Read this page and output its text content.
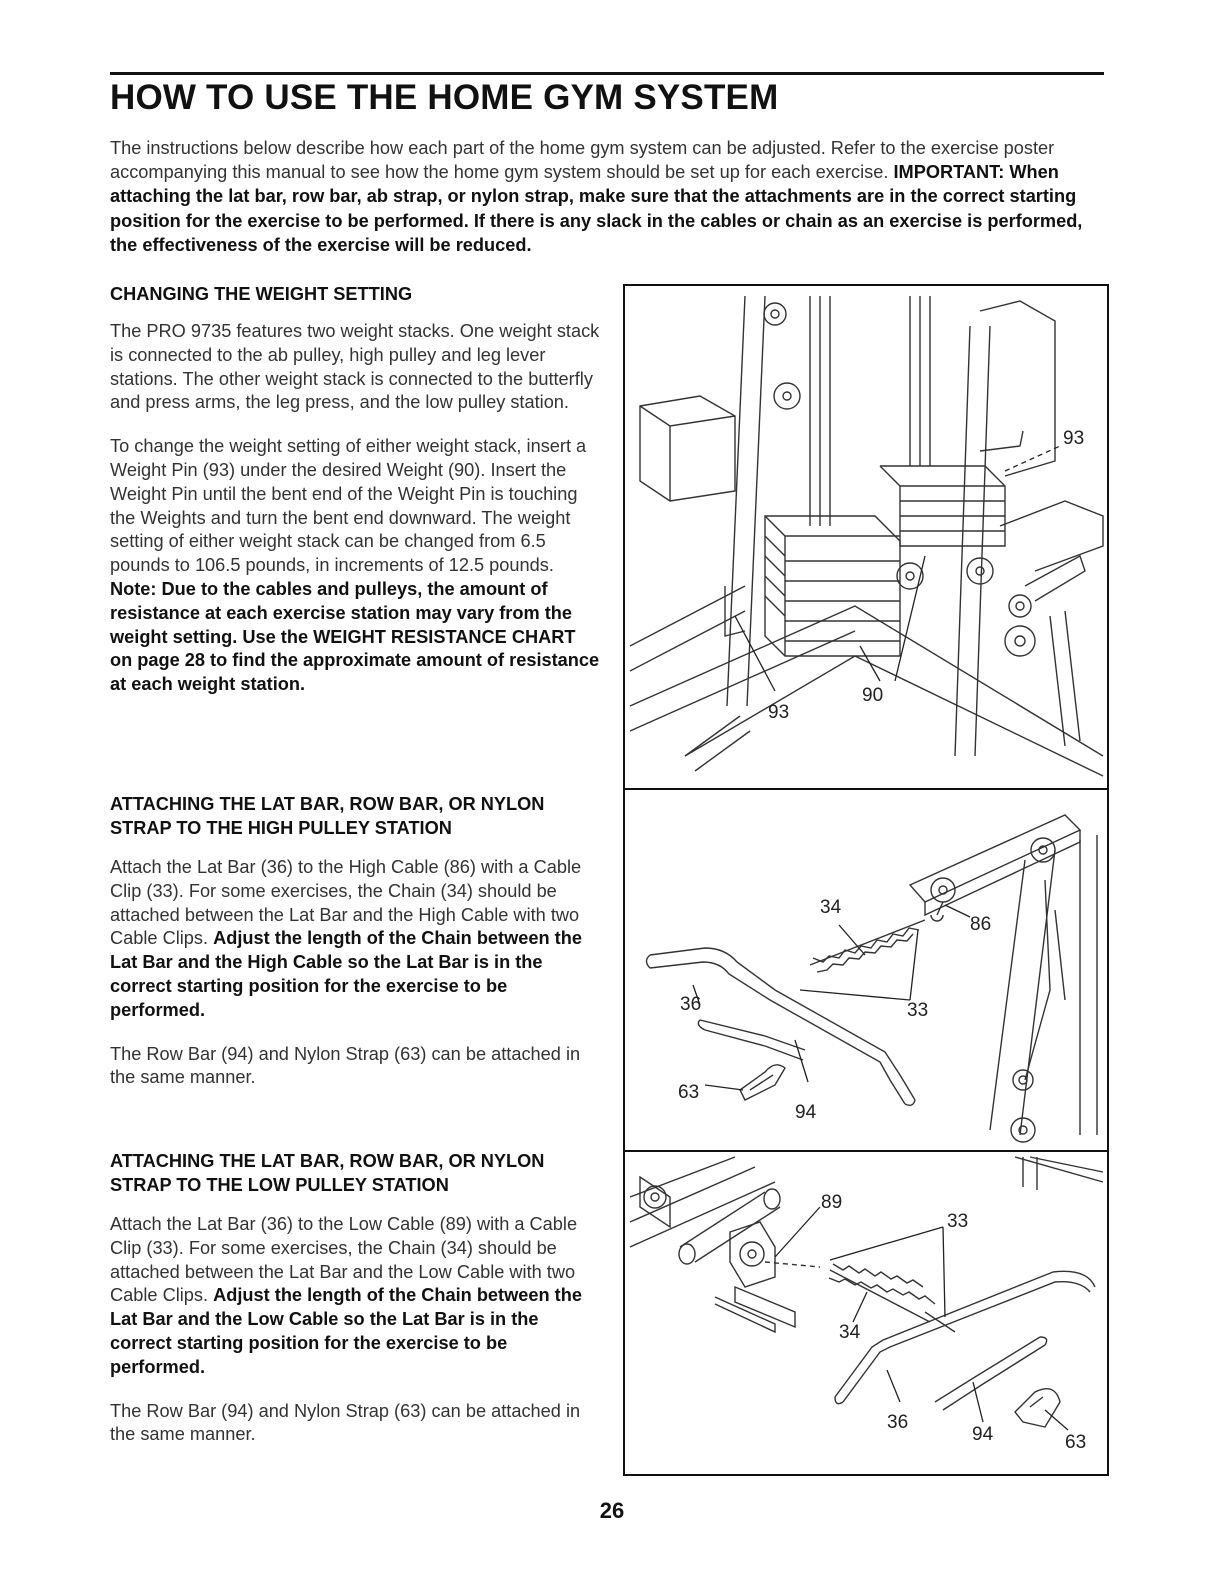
HOW TO USE THE HOME GYM SYSTEM

The instructions below describe how each part of the home gym system can be adjusted. Refer to the exercise poster accompanying this manual to see how the home gym system should be set up for each exercise. IMPORTANT: When attaching the lat bar, row bar, ab strap, or nylon strap, make sure that the attachments are in the correct starting position for the exercise to be performed. If there is any slack in the cables or chain as an exercise is performed, the effectiveness of the exercise will be reduced.

CHANGING THE WEIGHT SETTING

The PRO 9735 features two weight stacks. One weight stack is connected to the ab pulley, high pulley and leg lever stations. The other weight stack is connected to the butterfly and press arms, the leg press, and the low pulley station.

To change the weight setting of either weight stack, insert a Weight Pin (93) under the desired Weight (90). Insert the Weight Pin until the bent end of the Weight Pin is touching the Weights and turn the bent end downward. The weight setting of either weight stack can be changed from 6.5 pounds to 106.5 pounds, in increments of 12.5 pounds. Note: Due to the cables and pulleys, the amount of resistance at each exercise station may vary from the weight setting. Use the WEIGHT RESISTANCE CHART on page 28 to find the approximate amount of resistance at each weight station.

ATTACHING THE LAT BAR, ROW BAR, OR NYLON STRAP TO THE HIGH PULLEY STATION

Attach the Lat Bar (36) to the High Cable (86) with a Cable Clip (33). For some exercises, the Chain (34) should be attached between the Lat Bar and the High Cable with two Cable Clips. Adjust the length of the Chain between the Lat Bar and the High Cable so the Lat Bar is in the correct starting position for the exercise to be performed.

The Row Bar (94) and Nylon Strap (63) can be attached in the same manner.

ATTACHING THE LAT BAR, ROW BAR, OR NYLON STRAP TO THE LOW PULLEY STATION

Attach the Lat Bar (36) to the Low Cable (89) with a Cable Clip (33). For some exercises, the Chain (34) should be attached between the Lat Bar and the Low Cable with two Cable Clips. Adjust the length of the Chain between the Lat Bar and the Low Cable so the Lat Bar is in the correct starting position for the exercise to be performed.

The Row Bar (94) and Nylon Strap (63) can be attached in the same manner.

93
93
90
34
86
36	33
63
94
89
33
34
36
94	63
26
